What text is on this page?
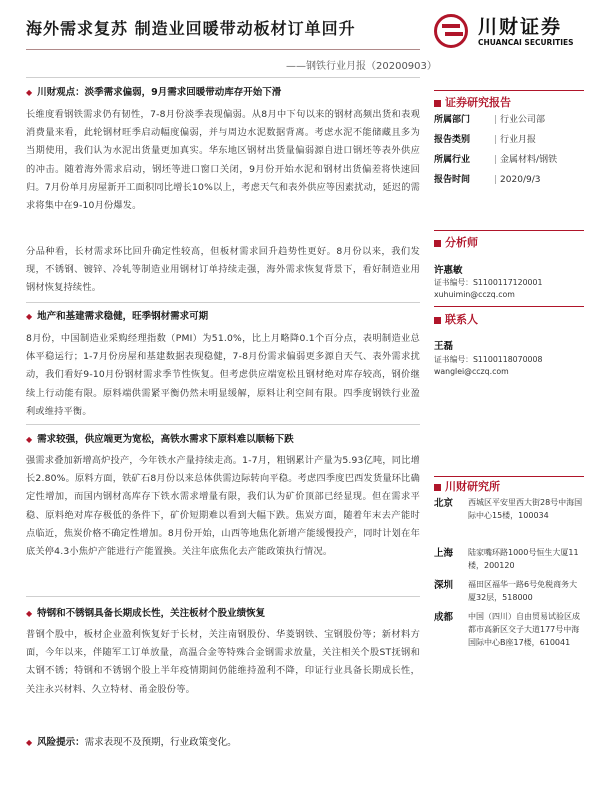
海外需求复苏 制造业回暖带动板材订单回升
——钢铁行业月报（20200903）
川财证券
CHUANCAI SECURITIES
◆ 川财观点：淡季需求偏弱，9月需求回暖带动库存开始下滑
长维度看钢铁需求仍有韧性，7-8月份淡季表现偏弱。从8月中下旬以来的钢材高频出货和表观消费量来看，此轮钢材旺季启动幅度偏弱，并与周边水泥数据背离。考虑水泥不能储藏且多为当期使用，我们认为水泥出货量更加真实。华东地区钢材出货量偏弱源自进口钢坯等表外供应的冲击。随着海外需求启动，钢坯等进口窗口关闭，9月份开始水泥和钢材出货偏差将快速回归。7月份单月房屋新开工面积同比增长10%以上，考虑天气和表外供应等因素扰动，延迟的需求将集中在9-10月份爆发。
分品种看，长材需求环比回升确定性较高，但板材需求回升趋势性更好。8月份以来，我们发现，不锈钢、镀锌、冷轧等制造业用钢材订单持续走强，海外需求恢复背景下，看好制造业用钢材恢复持续性。
◆ 地产和基建需求稳健，旺季钢材需求可期
8月份，中国制造业采购经理指数（PMI）为51.0%，比上月略降0.1个百分点，表明制造业总体平稳运行；1-7月份房屋和基建数据表现稳健，7-8月份需求偏弱更多源自天气、表外需求扰动，我们看好9-10月份钢材需求季节性恢复。但考虑供应端宽松且钢材绝对库存较高，钢价继续上行动能有限。原料端供需紧平衡仍然未明显缓解，原料让利空间有限。四季度钢铁行业盈利或维持平衡。
◆ 需求较强，供应端更为宽松，高铁水需求下原料难以顺畅下跌
强需求叠加新增高炉投产，今年铁水产量持续走高。1-7月，粗钢累计产量为5.93亿吨，同比增长2.80%。原料方面，铁矿石8月份以来总体供需边际转向平稳。考虑四季度巴西发货量环比确定性增加，而国内钢材高库存下铁水需求增量有限，我们认为矿价顶部已经显现。但在需求平稳、原料绝对库存极低的条件下，矿价短期难以看到大幅下跌。焦炭方面，随着年末去产能时点临近，焦炭价格不确定性增加。8月份开始，山西等地焦化新增产能缓慢投产，同时计划在年底关停4.3小焦炉产能进行产能置换。关注年底焦化去产能政策执行情况。
◆ 特钢和不锈钢具备长期成长性，关注板材个股业绩恢复
普钢个股中，板材企业盈利恢复好于长材，关注南钢股份、华菱钢铁、宝钢股份等；新材料方面，今年以来，伴随军工订单放量，高温合金等特殊合金钢需求放量，关注相关个股ST抚钢和太钢不锈；特钢和不锈钢个股上半年疫情期间仍能维持盈利不降，印证行业具备长期成长性，关注永兴材料、久立特材、甬金股份等。
◆ 风险提示：需求表现不及预期，行业政策变化。
证券研究报告
所属部门	| 行业公司部
报告类别	| 行业月报
所属行业	| 金属材料/钢铁
报告时间	| 2020/9/3
分析师
许惠敏
证书编号：S1100117120001
xuhuimin@cczq.com
联系人
王磊
证书编号：S1100118070008
wanglei@cczq.com
川财研究所
北京 西城区平安里西大街28号中海国际中心15楼，100034
上海 陆家嘴环路1000号恒生大厦11楼，200120
深圳 福田区福华一路6号免税商务大厦32层，518000
成都 中国（四川）自由贸易试验区成都市高新区交子大道177号中海国际中心B座17楼，610041
